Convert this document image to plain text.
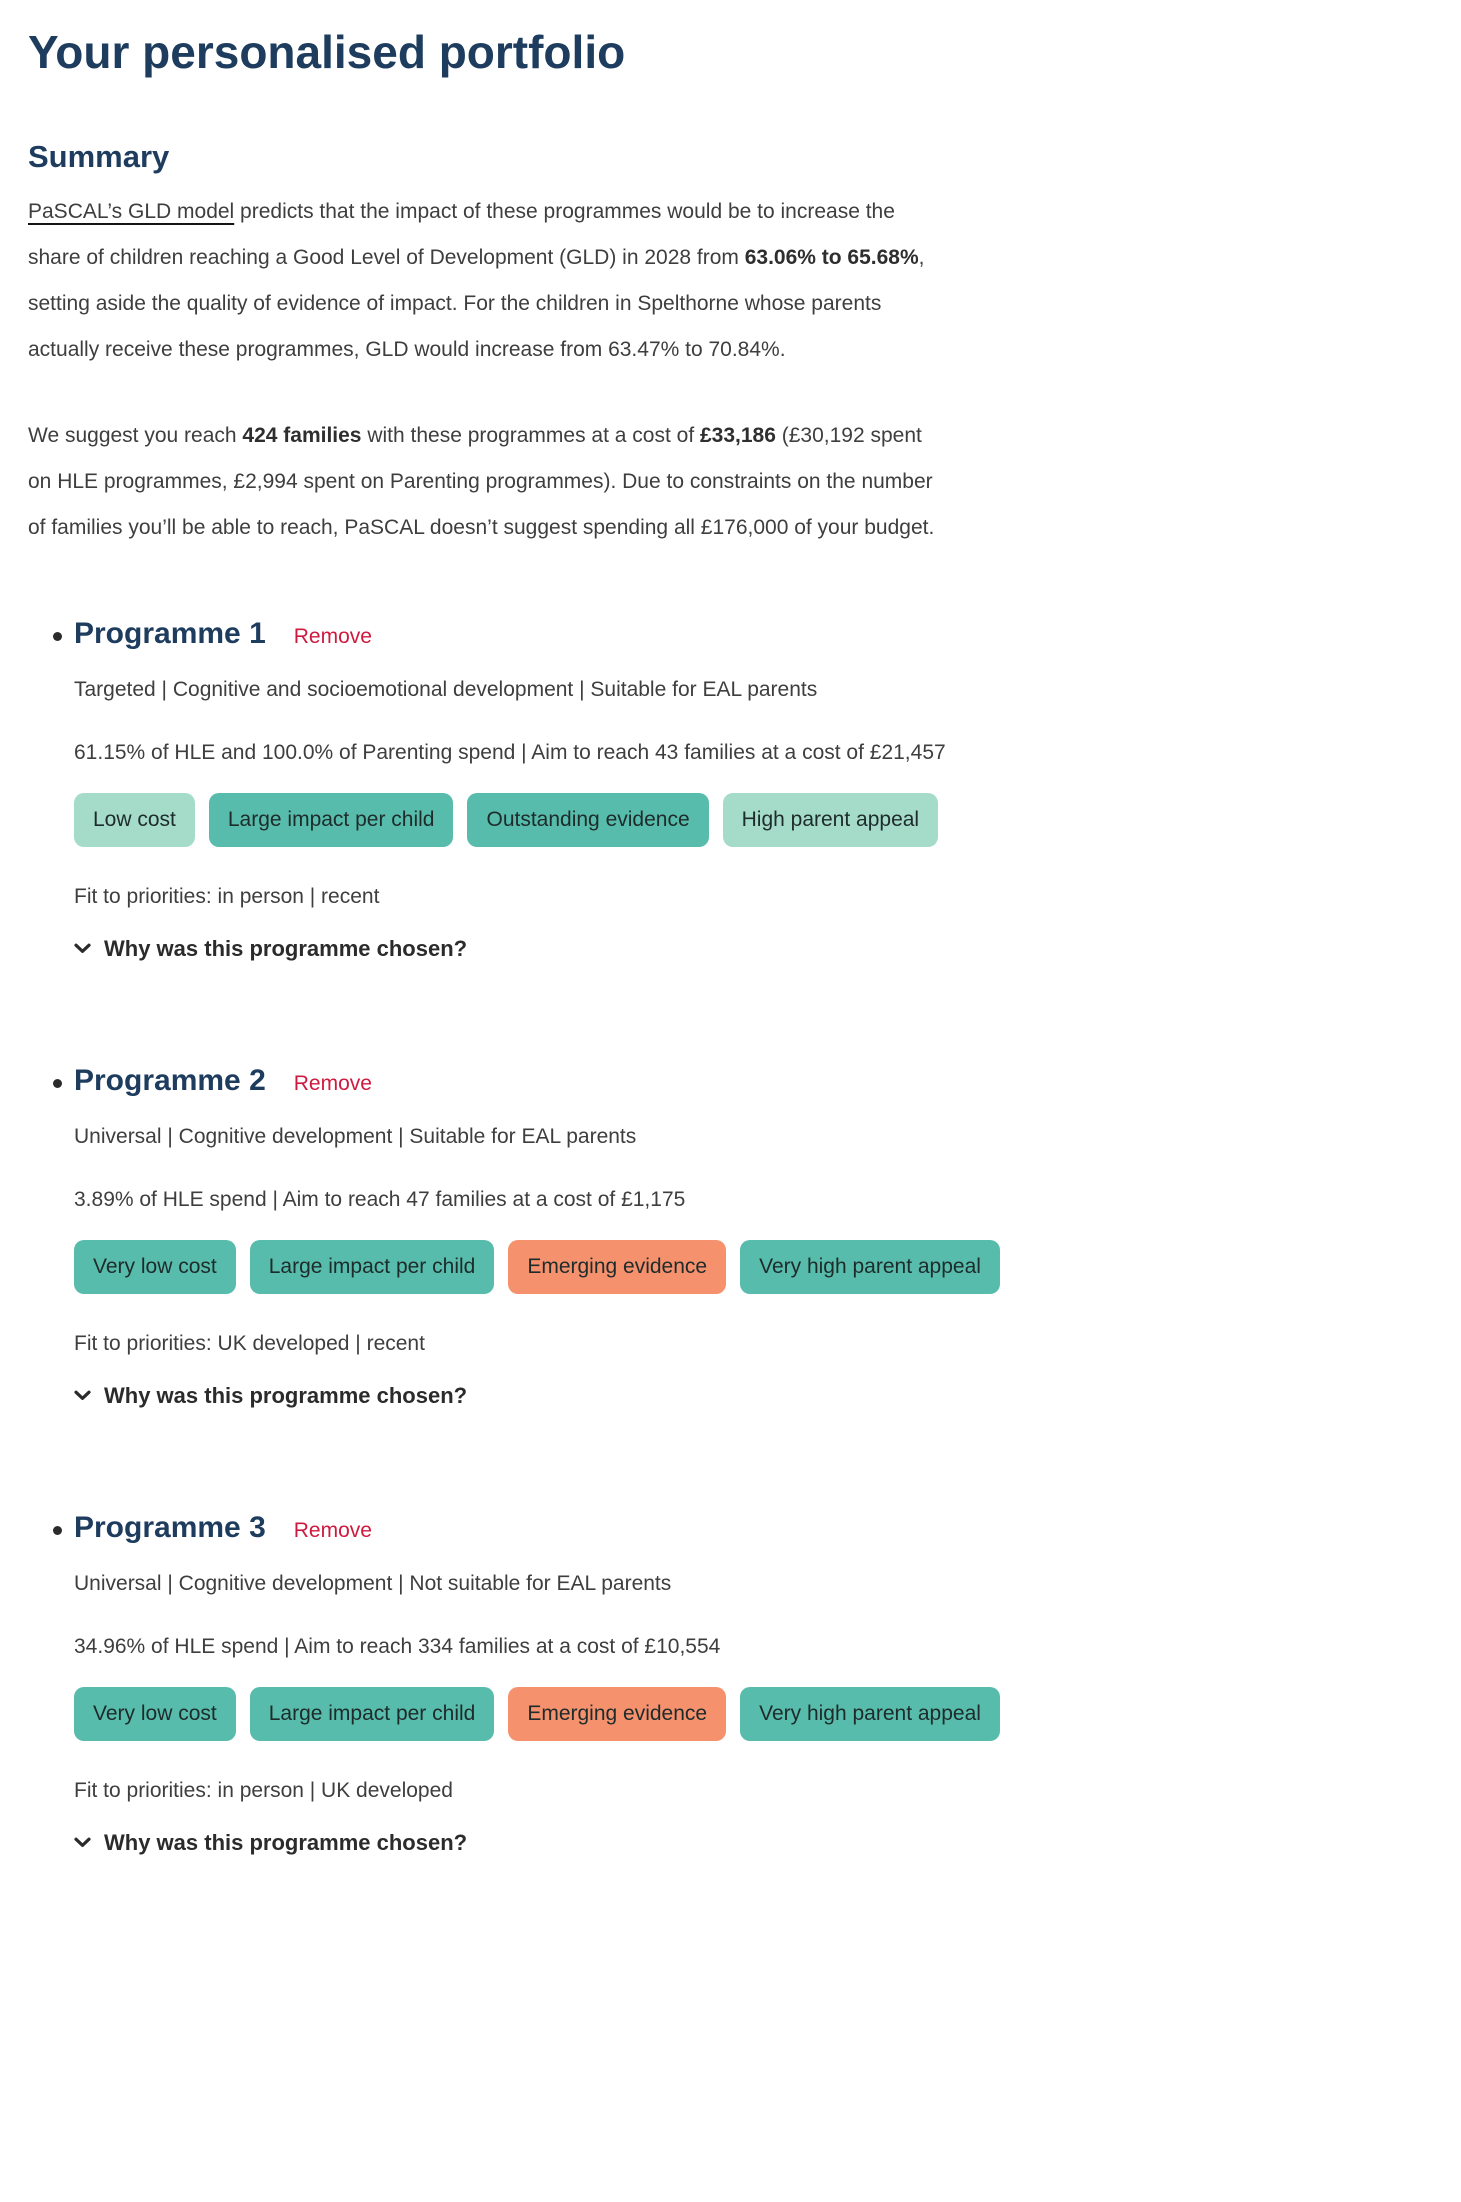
Your personalised portfolio
Summary

PaSCAL’s GLD model predicts that the impact of these programmes would be to increase the share of children reaching a Good Level of Development (GLD) in 2028 from 63.06% to 65.68%, setting aside the quality of evidence of impact. For the children in Spelthorne whose parents actually receive these programmes, GLD would increase from 63.47% to 70.84%.

We suggest you reach 424 families with these programmes at a cost of £33,186 (£30,192 spent on HLE programmes, £2,994 spent on Parenting programmes). Due to constraints on the number of families you’ll be able to reach, PaSCAL doesn’t suggest spending all £176,000 of your budget.

Programme 1 Remove

Targeted | Cognitive and socioemotional development | Suitable for EAL parents

61.15% of HLE and 100.0% of Parenting spend | Aim to reach 43 families at a cost of £21,457

Low cost	Large impact per child	Outstanding evidence	High parent appeal

Fit to priorities: in person | recent

Why was this programme chosen?
Programme 2 Remove

Universal | Cognitive development | Suitable for EAL parents

3.89% of HLE spend | Aim to reach 47 families at a cost of £1,175

Very low cost	Large impact per child	Emerging evidence	Very high parent appeal

Fit to priorities: UK developed | recent

Why was this programme chosen?
Programme 3 Remove

Universal | Cognitive development | Not suitable for EAL parents

34.96% of HLE spend | Aim to reach 334 families at a cost of £10,554

Very low cost	Large impact per child	Emerging evidence	Very high parent appeal

Fit to priorities: in person | UK developed

Why was this programme chosen?
